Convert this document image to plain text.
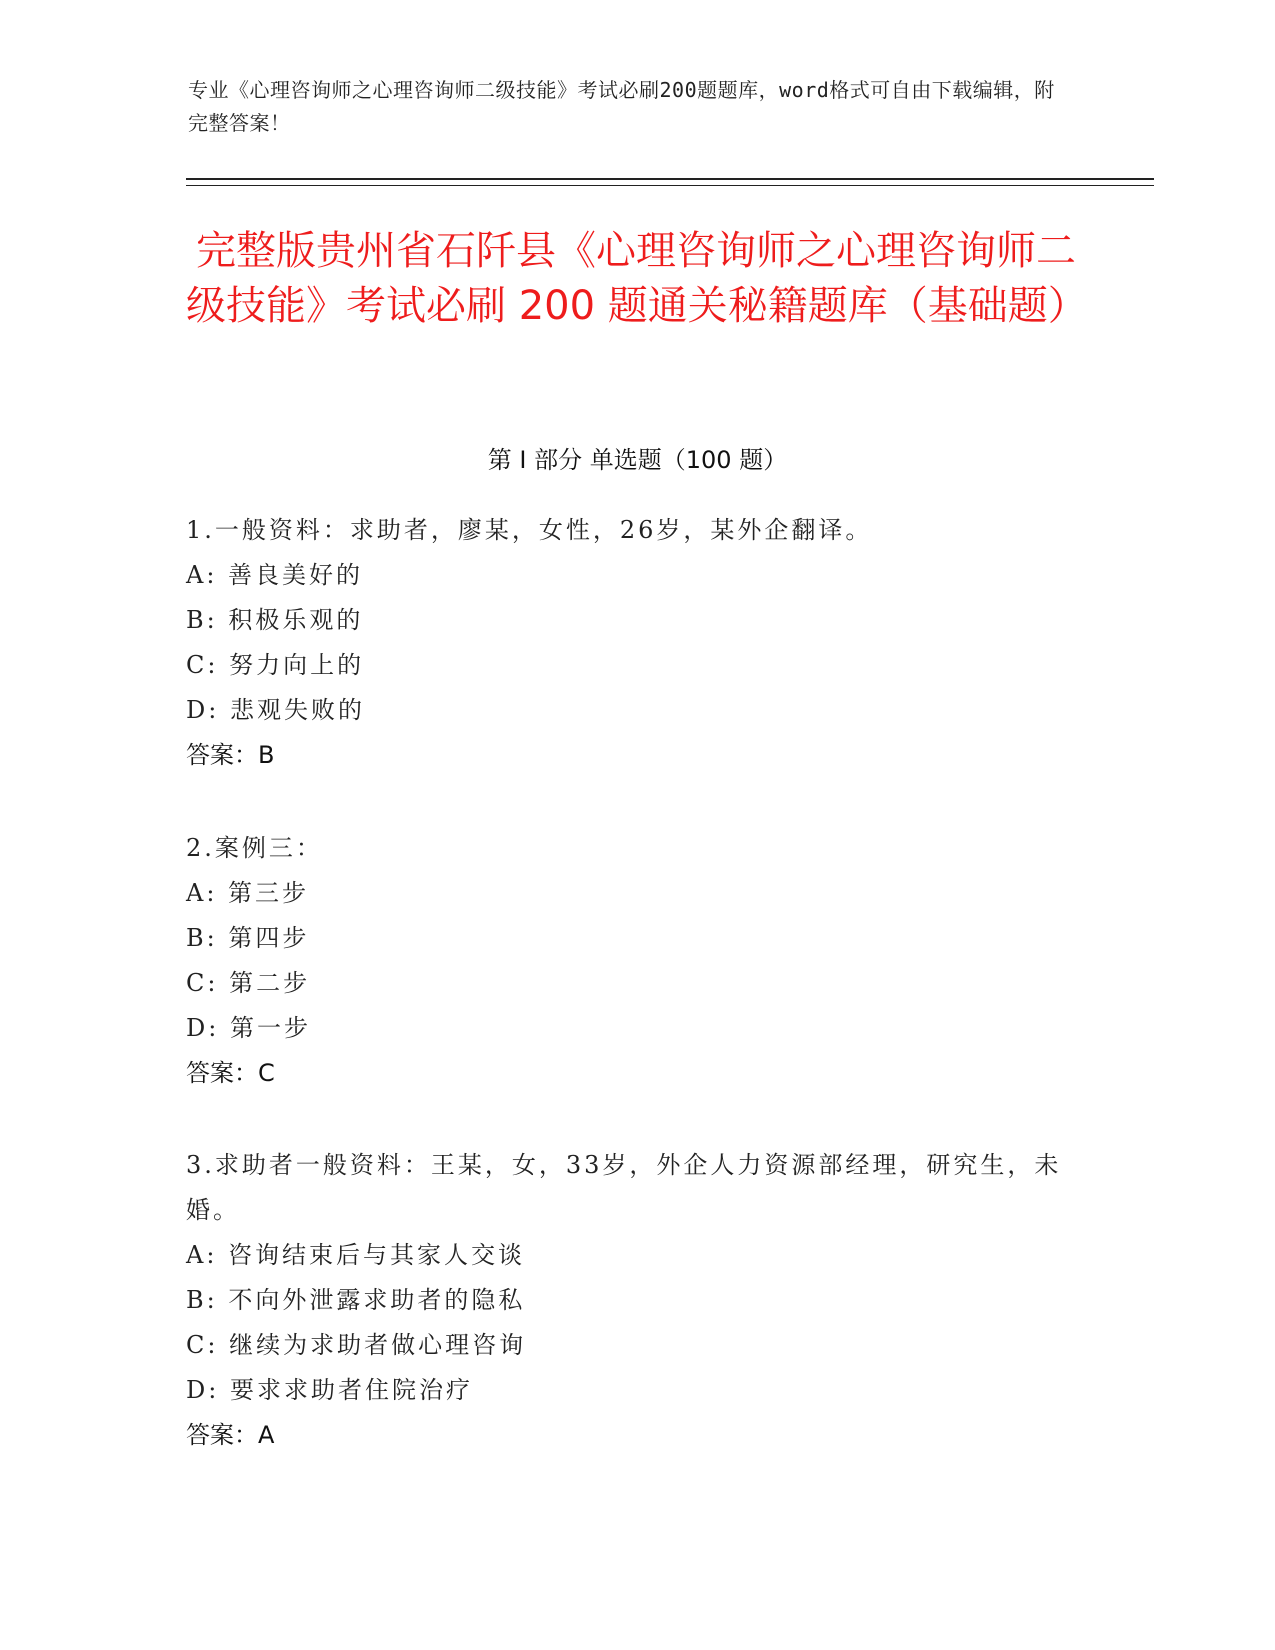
专业《心理咨询师之心理咨询师二级技能》考试必刷200题题库，word格式可自由下载编辑，附完整答案！
完整版贵州省石阡县《心理咨询师之心理咨询师二级技能》考试必刷 200 题通关秘籍题库（基础题）
第 I 部分 单选题（100 题）
1.一般资料：求助者，廖某，女性，26岁，某外企翻译。
A: 善良美好的
B: 积极乐观的
C: 努力向上的
D: 悲观失败的
答案：B
2.案例三：
A: 第三步
B: 第四步
C: 第二步
D: 第一步
答案：C
3.求助者一般资料：王某，女，33岁，外企人力资源部经理，研究生，未婚。
A: 咨询结束后与其家人交谈
B: 不向外泄露求助者的隐私
C: 继续为求助者做心理咨询
D: 要求求助者住院治疗
答案：A
